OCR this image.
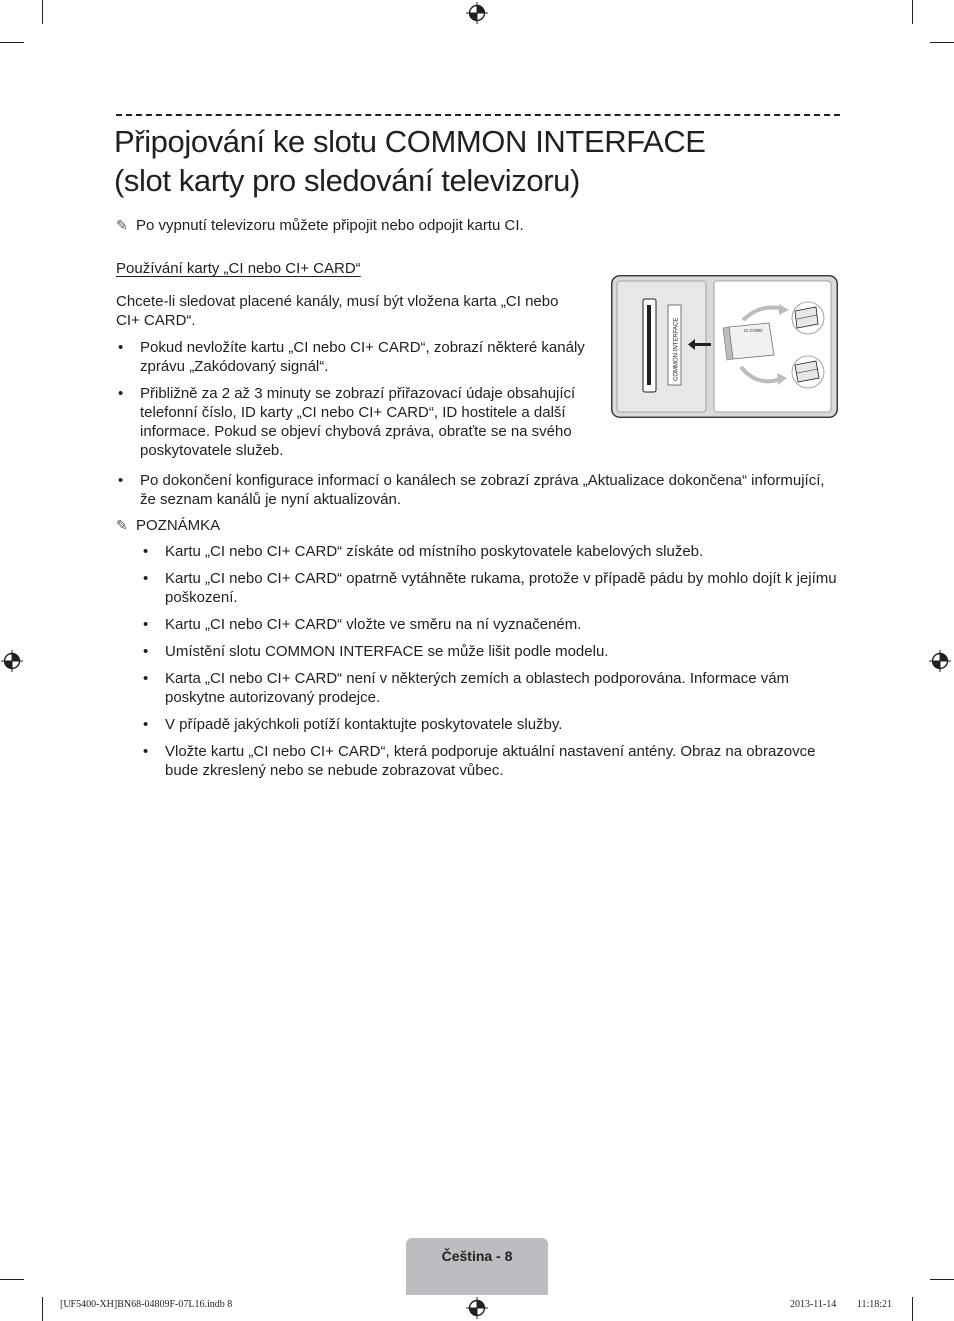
Připojování ke slotu COMMON INTERFACE
(slot karty pro sledování televizoru)
✎ Po vypnutí televizoru můžete připojit nebo odpojit kartu CI.
Používání karty „CI nebo CI+ CARD“

Chcete-li sledovat placené kanály, musí být vložena karta „CI nebo CI+ CARD“.

• Pokud nevložíte kartu „CI nebo CI+ CARD“, zobrazí některé kanály zprávu „Zakódovaný signál“.
• Přibližně za 2 až 3 minuty se zobrazí přiřazovací údaje obsahující telefonní číslo, ID karty „CI nebo CI+ CARD“, ID hostitele a další informace. Pokud se objeví chybová zpráva, obraťte se na svého poskytovatele služeb.
• Po dokončení konfigurace informací o kanálech se zobrazí zpráva „Aktualizace dokončena“ informující, že seznam kanálů je nyní aktualizován.
✎ POZNÁMKA
• Kartu „CI nebo CI+ CARD“ získáte od místního poskytovatele kabelových služeb.
• Kartu „CI nebo CI+ CARD“ opatrně vytáhněte rukama, protože v případě pádu by mohlo dojít k jejímu poškození.
• Kartu „CI nebo CI+ CARD“ vložte ve směru na ní vyznačeném.
• Umístění slotu COMMON INTERFACE se může lišit podle modelu.
• Karta „CI nebo CI+ CARD“ není v některých zemích a oblastech podporována. Informace vám poskytne autorizovaný prodejce.
• V případě jakýchkoli potíží kontaktujte poskytovatele služby.
• Vložte kartu „CI nebo CI+ CARD“, která podporuje aktuální nastavení antény. Obraz na obrazovce bude zkreslený nebo se nebude zobrazovat vůbec.
COMMON INTERFACE	CI CARD
Čeština - 8
[UF5400-XH]BN68-04809F-07L16.indb 8	2013-11-14 ￿￿ 11:18:21
